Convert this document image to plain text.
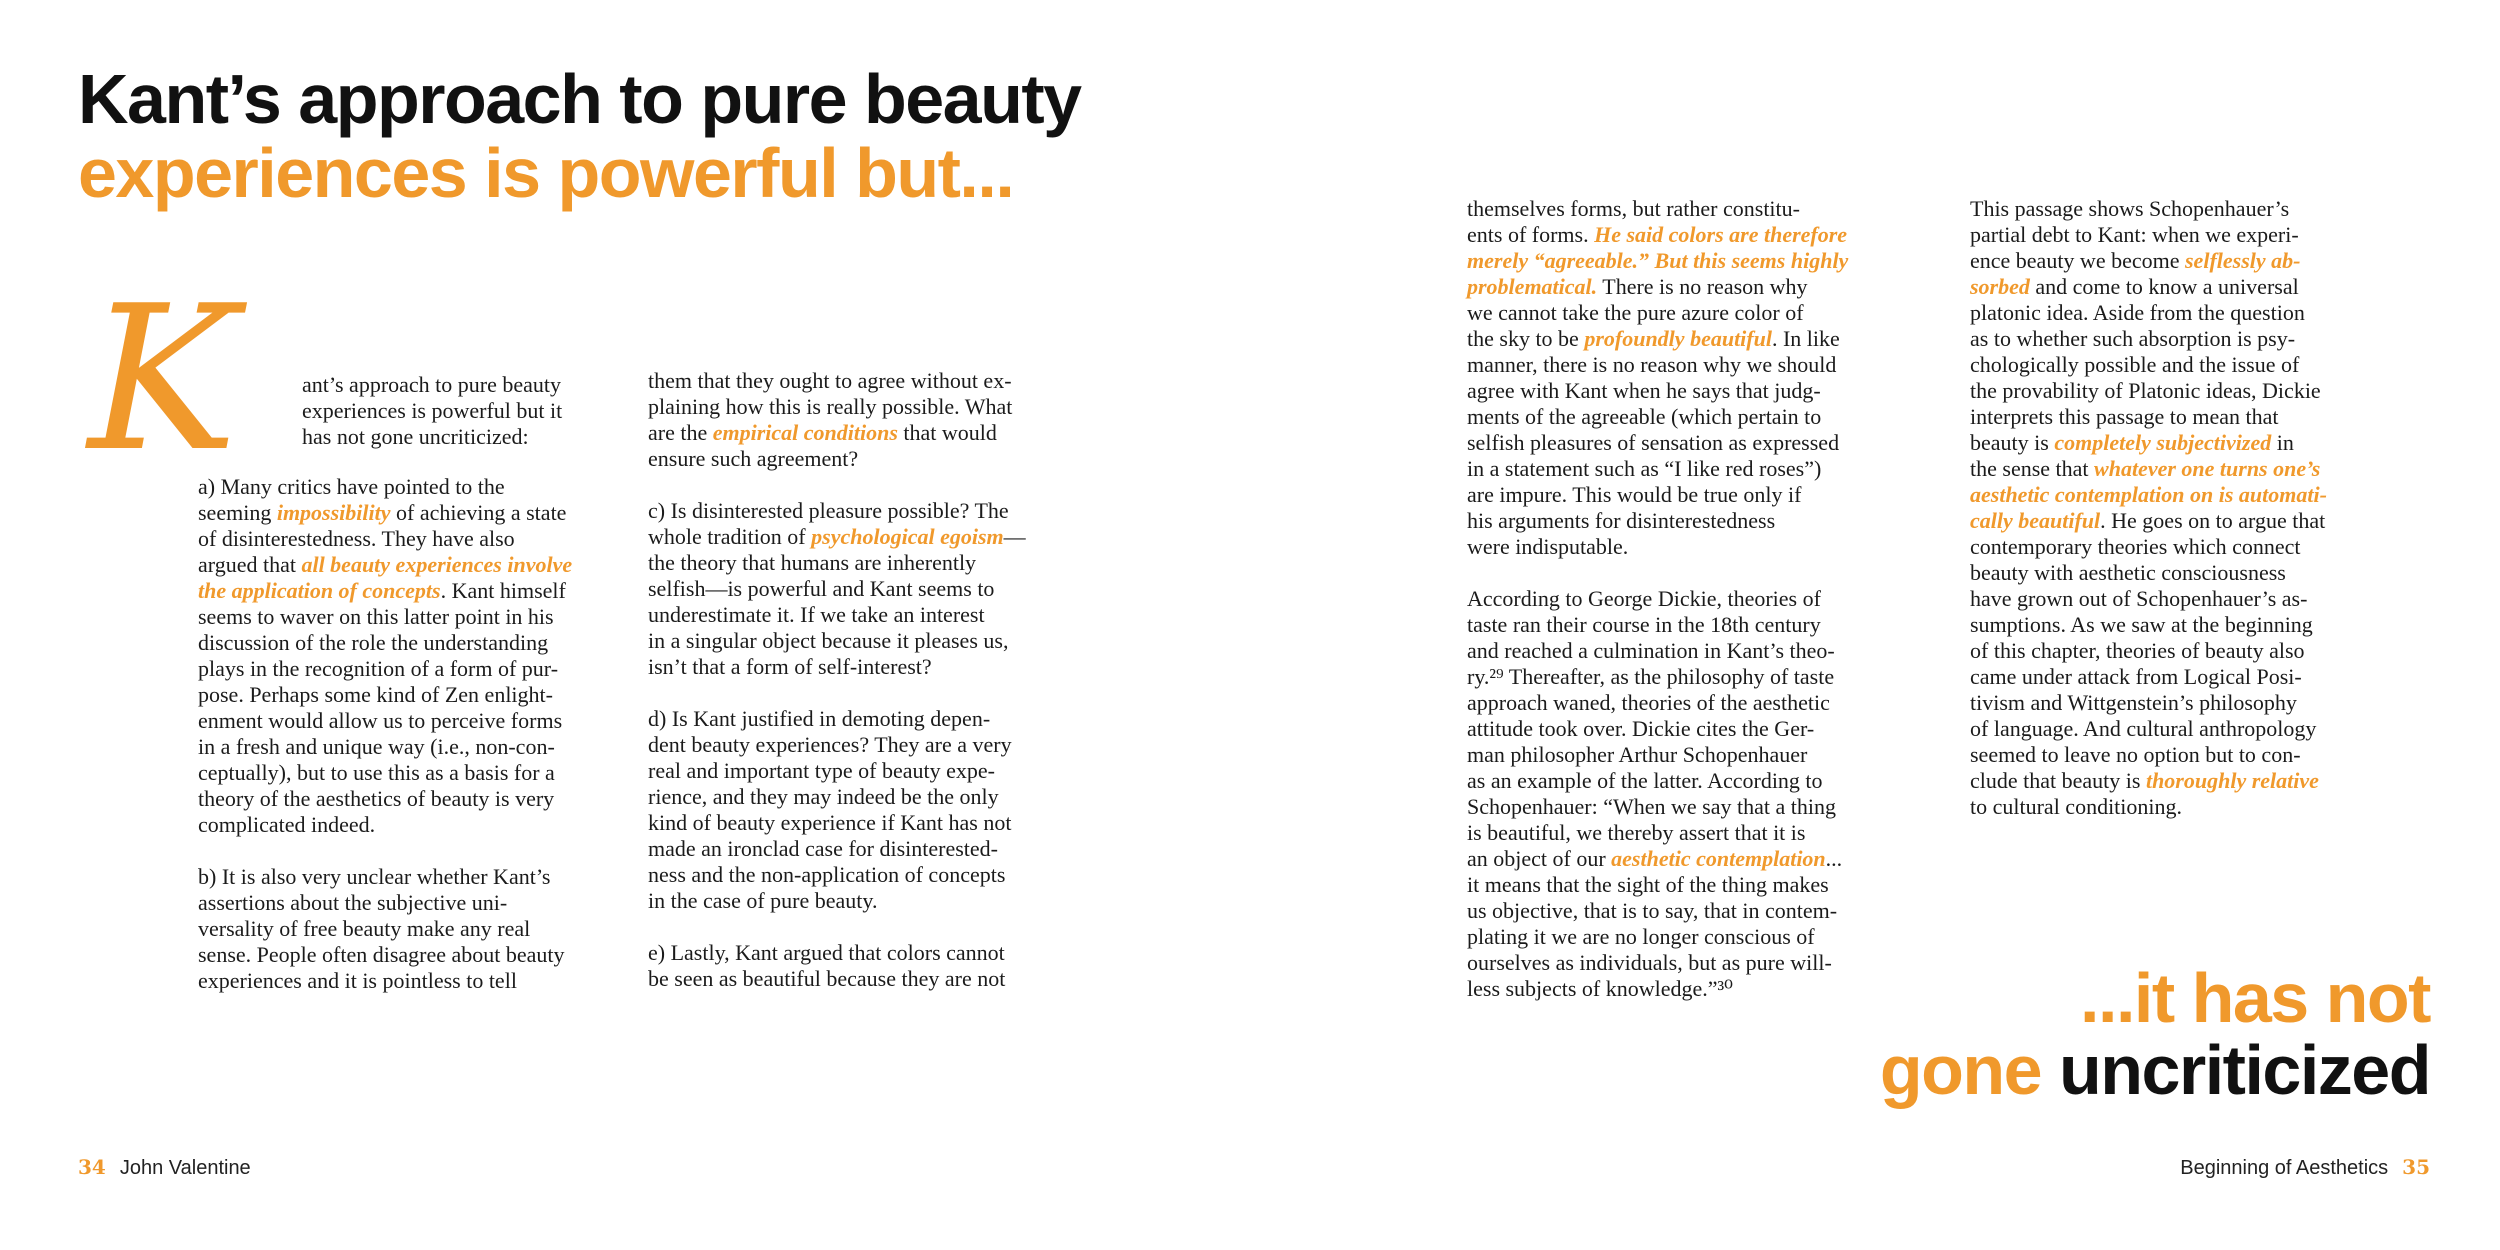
Kant’s approach to pure beauty
experiences is powerful but...
K	ant’s approach to pure beauty
experiences is powerful but it
has not gone uncriticized:

a) Many critics have pointed to the
seeming impossibility of achieving a state
of disinterestedness. They have also
argued that all beauty experiences involve
the application of concepts. Kant himself
seems to waver on this latter point in his
discussion of the role the understanding
plays in the recognition of a form of pur-
pose. Perhaps some kind of Zen enlight-
enment would allow us to perceive forms
in a fresh and unique way (i.e., non-con-
ceptually), but to use this as a basis for a
theory of the aesthetics of beauty is very
complicated indeed.

b) It is also very unclear whether Kant’s
assertions about the subjective uni-
versality of free beauty make any real
sense. People often disagree about beauty
experiences and it is pointless to tell

them that they ought to agree without ex-
plaining how this is really possible. What
are the empirical conditions that would
ensure such agreement?

c) Is disinterested pleasure possible? The
whole tradition of psychological egoism—
the theory that humans are inherently
selfish—is powerful and Kant seems to
underestimate it. If we take an interest
in a singular object because it pleases us,
isn’t that a form of self-interest?

d) Is Kant justified in demoting depen-
dent beauty experiences? They are a very
real and important type of beauty expe-
rience, and they may indeed be the only
kind of beauty experience if Kant has not
made an ironclad case for disinterested-
ness and the non-application of concepts
in the case of pure beauty.

e) Lastly, Kant argued that colors cannot
be seen as beautiful because they are not

themselves forms, but rather constitu-
ents of forms. He said colors are therefore
merely “agreeable.” But this seems highly
problematical. There is no reason why
we cannot take the pure azure color of
the sky to be profoundly beautiful. In like
manner, there is no reason why we should
agree with Kant when he says that judg-
ments of the agreeable (which pertain to
selfish pleasures of sensation as expressed
in a statement such as “I like red roses”)
are impure. This would be true only if
his arguments for disinterestedness
were indisputable.

According to George Dickie, theories of
taste ran their course in the 18th century
and reached a culmination in Kant’s theo-
ry.²⁹ Thereafter, as the philosophy of taste
approach waned, theories of the aesthetic
attitude took over. Dickie cites the Ger-
man philosopher Arthur Schopenhauer
as an example of the latter. According to
Schopenhauer: “When we say that a thing
is beautiful, we thereby assert that it is
an object of our aesthetic contemplation...
it means that the sight of the thing makes
us objective, that is to say, that in contem-
plating it we are no longer conscious of
ourselves as individuals, but as pure will-
less subjects of knowledge.”³⁰

This passage shows Schopenhauer’s
partial debt to Kant: when we experi-
ence beauty we become selflessly ab-
sorbed and come to know a universal
platonic idea. Aside from the question
as to whether such absorption is psy-
chologically possible and the issue of
the provability of Platonic ideas, Dickie
interprets this passage to mean that
beauty is completely subjectivized in
the sense that whatever one turns one’s
aesthetic contemplation on is automati-
cally beautiful. He goes on to argue that
contemporary theories which connect
beauty with aesthetic consciousness
have grown out of Schopenhauer’s as-
sumptions. As we saw at the beginning
of this chapter, theories of beauty also
came under attack from Logical Posi-
tivism and Wittgenstein’s philosophy
of language. And cultural anthropology
seemed to leave no option but to con-
clude that beauty is thoroughly relative
to cultural conditioning.

...it has not
gone uncriticized
34 John Valentine	Beginning of Aesthetics 35
